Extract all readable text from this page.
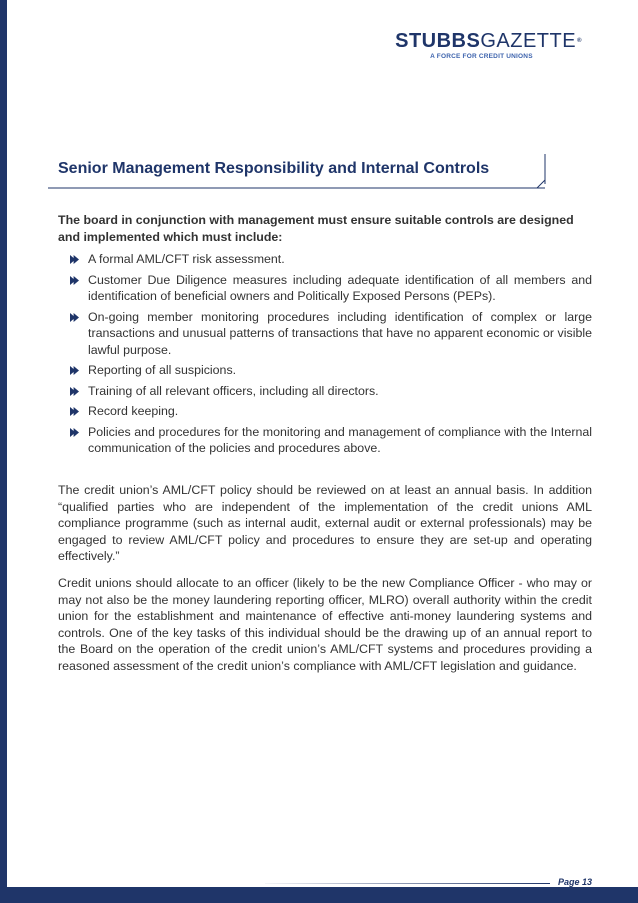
STUBBSGAZETTE®
A FORCE FOR CREDIT UNIONS
Senior Management Responsibility and Internal Controls
The board in conjunction with management must ensure suitable controls are designed and implemented which must include:
A formal AML/CFT risk assessment.
Customer Due Diligence measures including adequate identification of all members and identification of beneficial owners and Politically Exposed Persons (PEPs).
On-going member monitoring procedures including identification of complex or large transactions and unusual patterns of transactions that have no apparent economic or visible lawful purpose.
Reporting of all suspicions.
Training of all relevant officers, including all directors.
Record keeping.
Policies and procedures for the monitoring and management of compliance with the Internal communication of the policies and procedures above.

The credit union’s AML/CFT policy should be reviewed on at least an annual basis. In addition “qualified parties who are independent of the implementation of the credit unions AML compliance programme (such as internal audit, external audit or external professionals) may be engaged to review AML/CFT policy and procedures to ensure they are set-up and operating effectively.”

Credit unions should allocate to an officer (likely to be the new Compliance Officer - who may or may not also be the money laundering reporting officer, MLRO) overall authority within the credit union for the establishment and maintenance of effective anti-money laundering systems and controls. One of the key tasks of this individual should be the drawing up of an annual report to the Board on the operation of the credit union’s AML/CFT systems and procedures providing a reasoned assessment of the credit union’s compliance with AML/CFT legislation and guidance.

Page 13
